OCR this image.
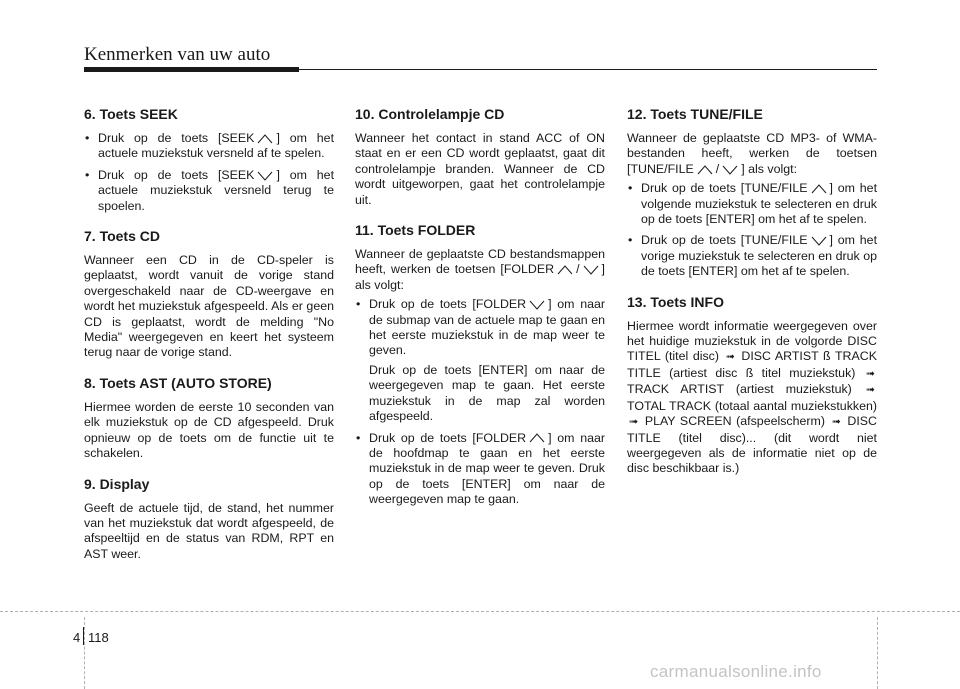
Kenmerken van uw auto
6. Toets SEEK
• Druk op de toets [SEEK ] om het actuele muziekstuk versneld af te spelen.
• Druk op de toets [SEEK ] om het actuele muziekstuk versneld terug te spoelen.
7. Toets CD

Wanneer een CD in de CD-speler is geplaatst, wordt vanuit de vorige stand overgeschakeld naar de CD-weergave en wordt het muziekstuk afgespeeld. Als er geen CD is geplaatst, wordt de melding "No Media" weergegeven en keert het systeem terug naar de vorige stand.

8. Toets AST (AUTO STORE)

Hiermee worden de eerste 10 seconden van elk muziekstuk op de CD afgespeeld. Druk opnieuw op de toets om de functie uit te schakelen.

9. Display

Geeft de actuele tijd, de stand, het nummer van het muziekstuk dat wordt afgespeeld, de afspeeltijd en de status van RDM, RPT en AST weer.

10. Controlelampje CD

Wanneer het contact in stand ACC of ON staat en er een CD wordt geplaatst, gaat dit controlelampje branden. Wanneer de CD wordt uitgeworpen, gaat het controlelampje uit.

11. Toets FOLDER

Wanneer de geplaatste CD bestandsmappen heeft, werken de toetsen [FOLDER / ] als volgt:

• Druk op de toets [FOLDER ] om naar de submap van de actuele map te gaan en het eerste muziekstuk in de map weer te geven.
Druk op de toets [ENTER] om naar de weergegeven map te gaan. Het eerste muziekstuk in de map zal worden afgespeeld.
• Druk op de toets [FOLDER ] om naar de hoofdmap te gaan en het eerste muziekstuk in de map weer te geven. Druk op de toets [ENTER] om naar de weergegeven map te gaan.
12. Toets TUNE/FILE

Wanneer de geplaatste CD MP3- of WMA-bestanden heeft, werken de toetsen [TUNE/FILE / ] als volgt:

• Druk op de toets [TUNE/FILE ] om het volgende muziekstuk te selecteren en druk op de toets [ENTER] om het af te spelen.
• Druk op de toets [TUNE/FILE ] om het vorige muziekstuk te selecteren en druk op de toets [ENTER] om het af te spelen.
13. Toets INFO

Hiermee wordt informatie weergegeven over het huidige muziekstuk in de volgorde DISC TITEL (titel disc) ➟ DISC ARTIST ß TRACK TITLE (artiest disc ß titel muziekstuk) ➟ TRACK ARTIST (artiest muziekstuk) ➟ TOTAL TRACK (totaal aantal muziekstukken) ➟ PLAY SCREEN (afspeelscherm) ➟ DISC TITLE (titel disc)... (dit wordt niet weergegeven als de informatie niet op de disc beschikbaar is.)

4 118
carmanualsonline.info
